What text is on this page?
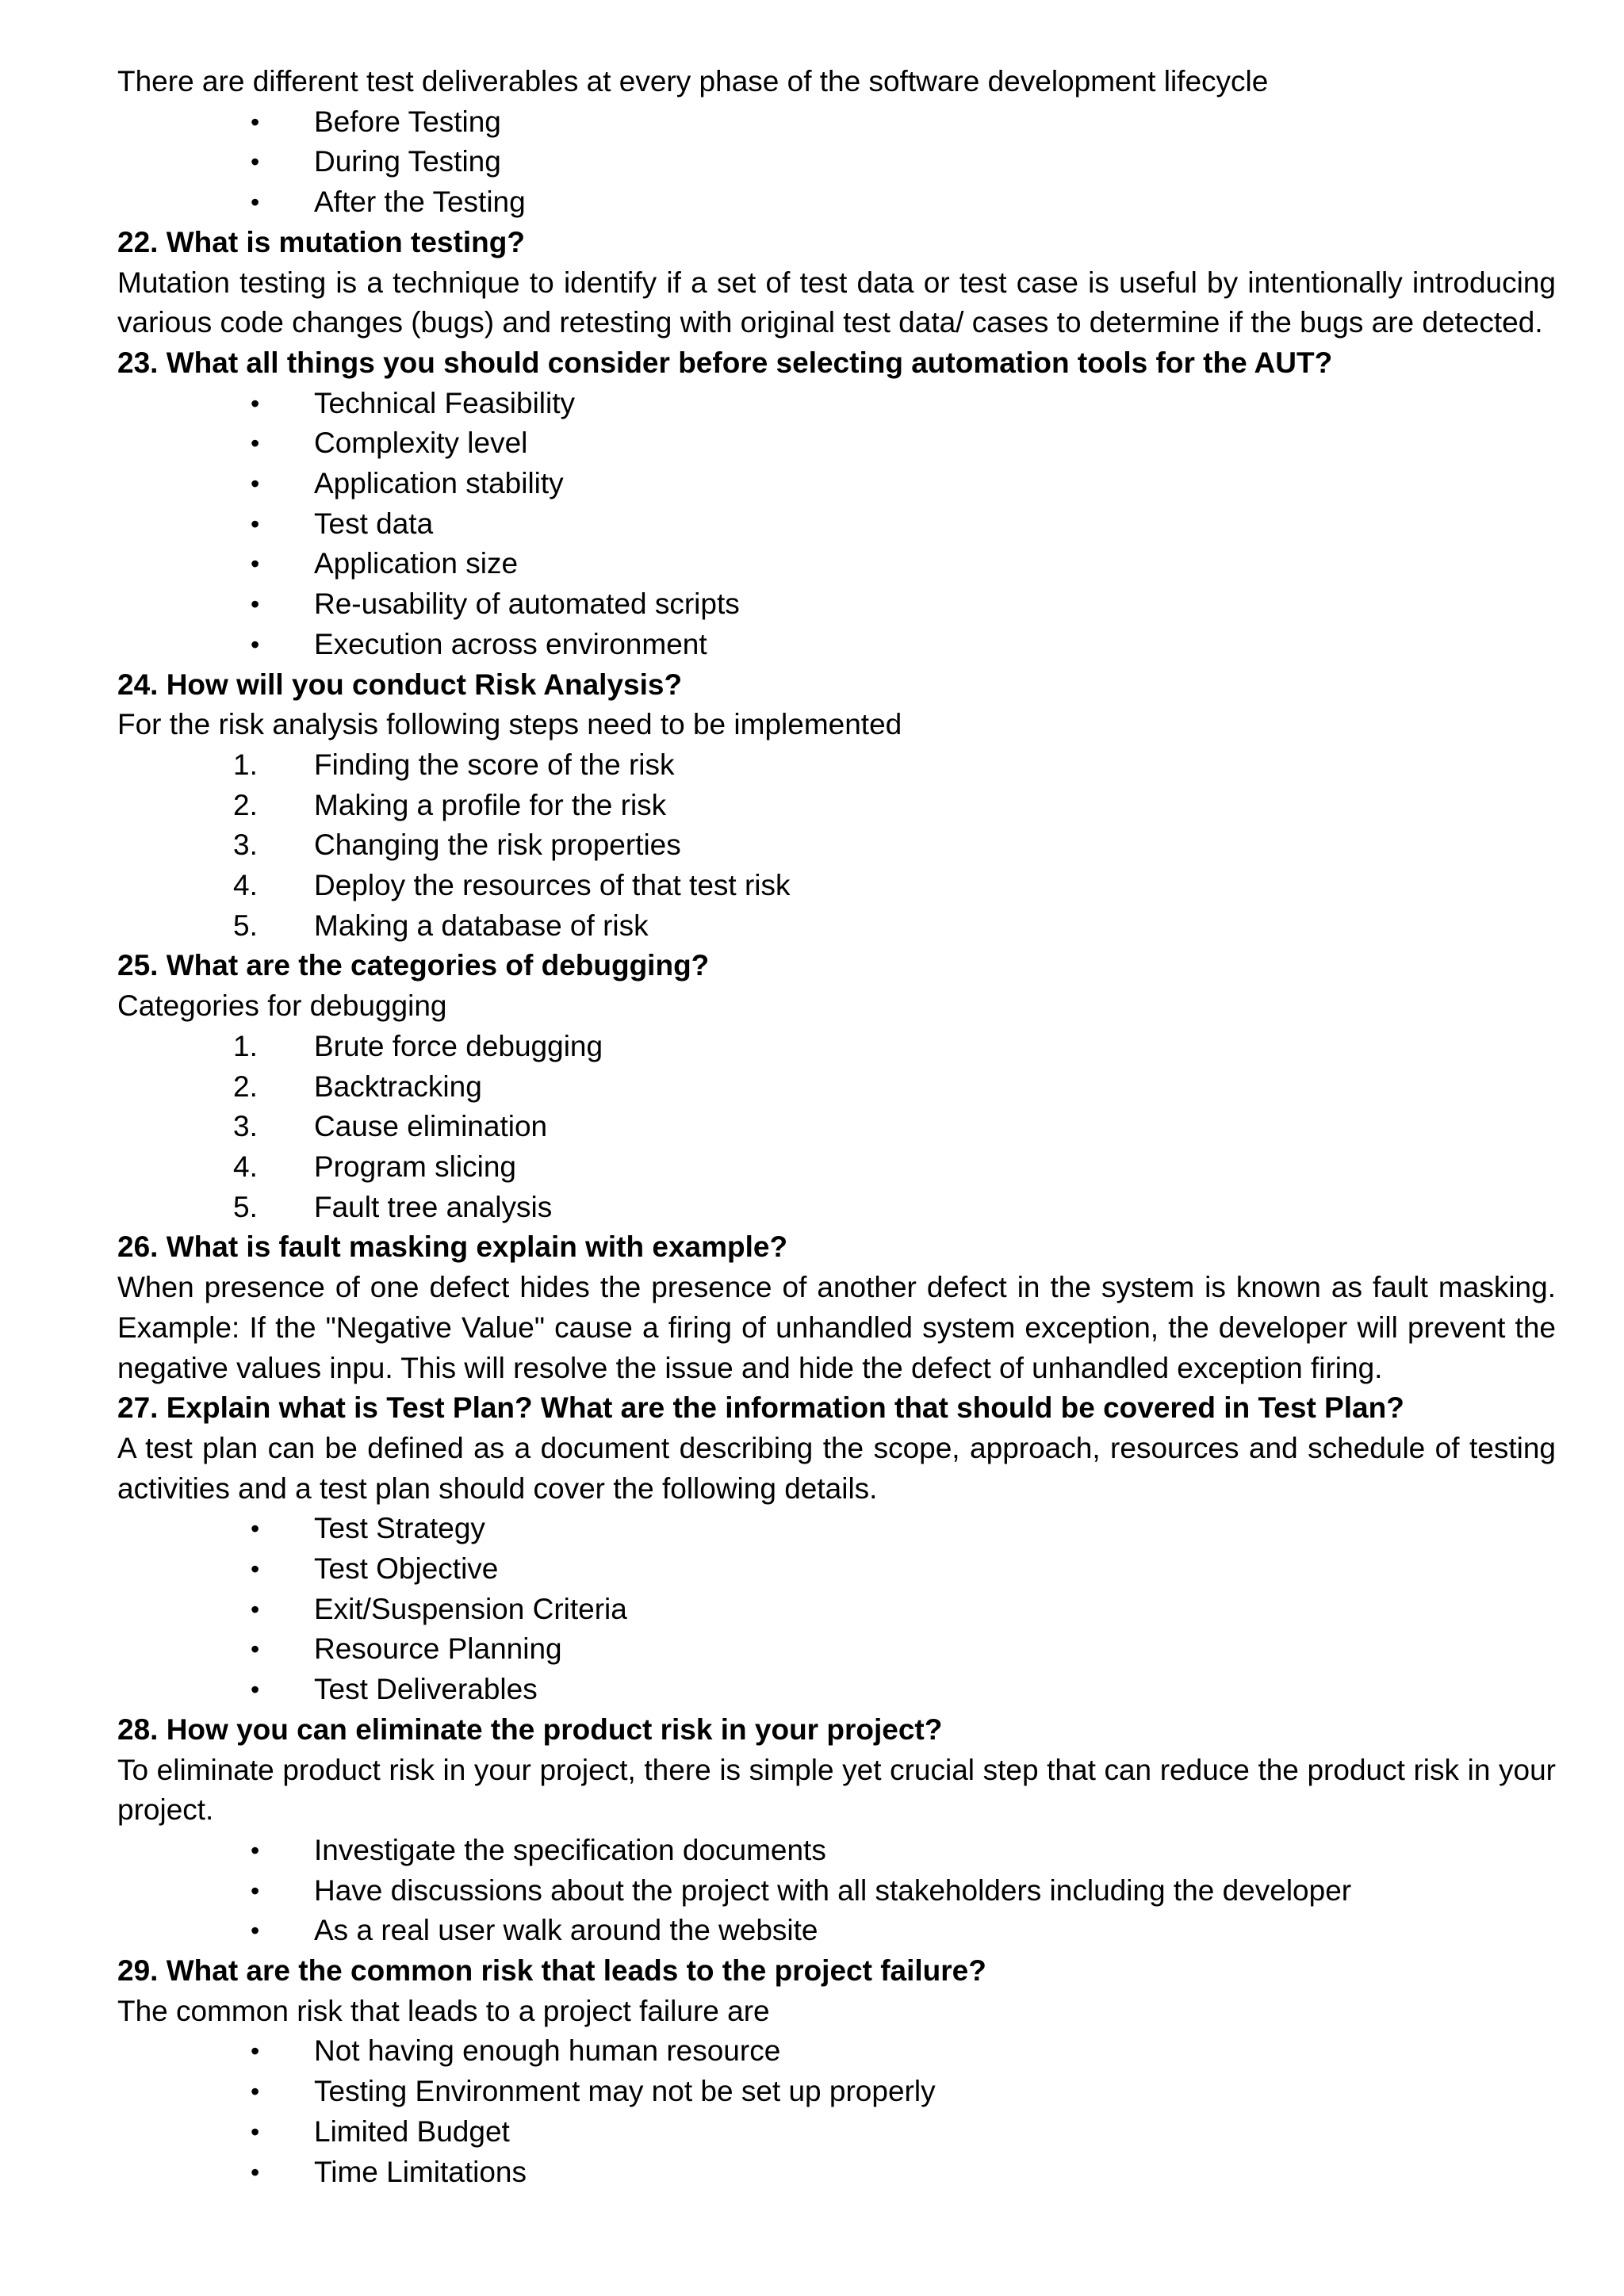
There are different test deliverables at every phase of the software development lifecycle

•	Before Testing
•	During Testing
•	After the Testing

22. What is mutation testing?

Mutation testing is a technique to identify if a set of test data or test case is useful by intentionally introducing various code changes (bugs) and retesting with original test data/ cases to determine if the bugs are detected.

23. What all things you should consider before selecting automation tools for the AUT?

•	Technical Feasibility
•	Complexity level
•	Application stability
•	Test data
•	Application size
•	Re-usability of automated scripts
•	Execution across environment

24. How will you conduct Risk Analysis?

For the risk analysis following steps need to be implemented

1.	Finding the score of the risk
2.	Making a profile for the risk
3.	Changing the risk properties
4.	Deploy the resources of that test risk
5.	Making a database of risk

25. What are the categories of debugging?

Categories for debugging

1.	Brute force debugging
2.	Backtracking
3.	Cause elimination
4.	Program slicing
5.	Fault tree analysis

26. What is fault masking explain with example?

When presence of one defect hides the presence of another defect in the system is known as fault masking. Example: If the "Negative Value" cause a firing of unhandled system exception, the developer will prevent the negative values inpu. This will resolve the issue and hide the defect of unhandled exception firing.

27. Explain what is Test Plan? What are the information that should be covered in Test Plan?

A test plan can be defined as a document describing the scope, approach, resources and schedule of testing activities and a test plan should cover the following details.

•	Test Strategy
•	Test Objective
•	Exit/Suspension Criteria
•	Resource Planning
•	Test Deliverables

28. How you can eliminate the product risk in your project?

To eliminate product risk in your project, there is simple yet crucial step that can reduce the product risk in your project.

•	Investigate the specification documents
•	Have discussions about the project with all stakeholders including the developer
•	As a real user walk around the website

29. What are the common risk that leads to the project failure?

The common risk that leads to a project failure are

•	Not having enough human resource
•	Testing Environment may not be set up properly
•	Limited Budget
•	Time Limitations
